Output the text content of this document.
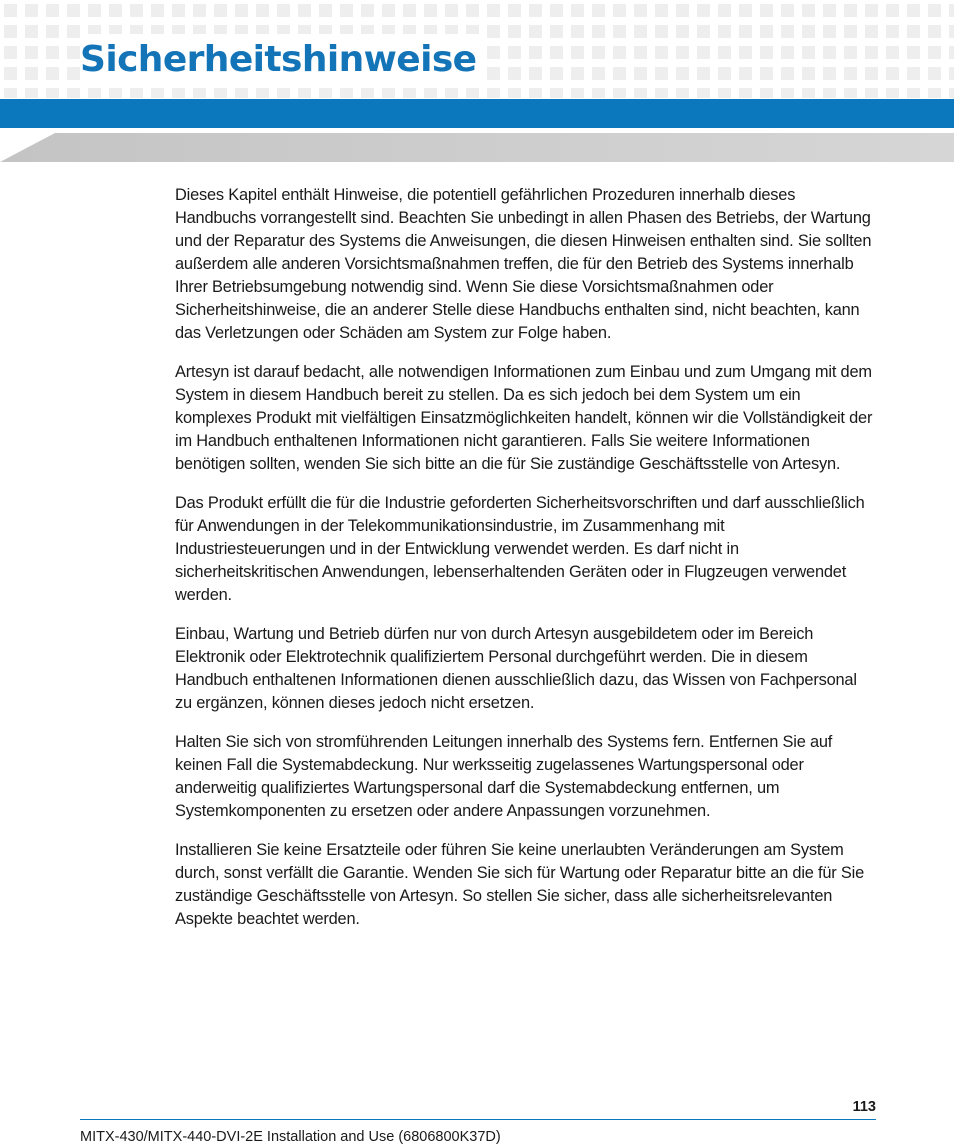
Sicherheitshinweise

Dieses Kapitel enthält Hinweise, die potentiell gefährlichen Prozeduren innerhalb dieses Handbuchs vorrangestellt sind. Beachten Sie unbedingt in allen Phasen des Betriebs, der Wartung und der Reparatur des Systems die Anweisungen, die diesen Hinweisen enthalten sind. Sie sollten außerdem alle anderen Vorsichtsmaßnahmen treffen, die für den Betrieb des Systems innerhalb Ihrer Betriebsumgebung notwendig sind. Wenn Sie diese Vorsichtsmaßnahmen oder Sicherheitshinweise, die an anderer Stelle diese Handbuchs enthalten sind, nicht beachten, kann das Verletzungen oder Schäden am System zur Folge haben.

Artesyn ist darauf bedacht, alle notwendigen Informationen zum Einbau und zum Umgang mit dem System in diesem Handbuch bereit zu stellen. Da es sich jedoch bei dem System um ein komplexes Produkt mit vielfältigen Einsatzmöglichkeiten handelt, können wir die Vollständigkeit der im Handbuch enthaltenen Informationen nicht garantieren. Falls Sie weitere Informationen benötigen sollten, wenden Sie sich bitte an die für Sie zuständige Geschäftsstelle von Artesyn.

Das Produkt erfüllt die für die Industrie geforderten Sicherheitsvorschriften und darf ausschließlich für Anwendungen in der Telekommunikationsindustrie, im Zusammenhang mit Industriesteuerungen und in der Entwicklung verwendet werden. Es darf nicht in sicherheitskritischen Anwendungen, lebenserhaltenden Geräten oder in Flugzeugen verwendet werden.

Einbau, Wartung und Betrieb dürfen nur von durch Artesyn ausgebildetem oder im Bereich Elektronik oder Elektrotechnik qualifiziertem Personal durchgeführt werden. Die in diesem Handbuch enthaltenen Informationen dienen ausschließlich dazu, das Wissen von Fachpersonal zu ergänzen, können dieses jedoch nicht ersetzen.

Halten Sie sich von stromführenden Leitungen innerhalb des Systems fern. Entfernen Sie auf keinen Fall die Systemabdeckung. Nur werksseitig zugelassenes Wartungspersonal oder anderweitig qualifiziertes Wartungspersonal darf die Systemabdeckung entfernen, um Systemkomponenten zu ersetzen oder andere Anpassungen vorzunehmen.

Installieren Sie keine Ersatzteile oder führen Sie keine unerlaubten Veränderungen am System durch, sonst verfällt die Garantie. Wenden Sie sich für Wartung oder Reparatur bitte an die für Sie zuständige Geschäftsstelle von Artesyn. So stellen Sie sicher, dass alle sicherheitsrelevanten Aspekte beachtet werden.

113
MITX-430/MITX-440-DVI-2E Installation and Use (6806800K37D)
